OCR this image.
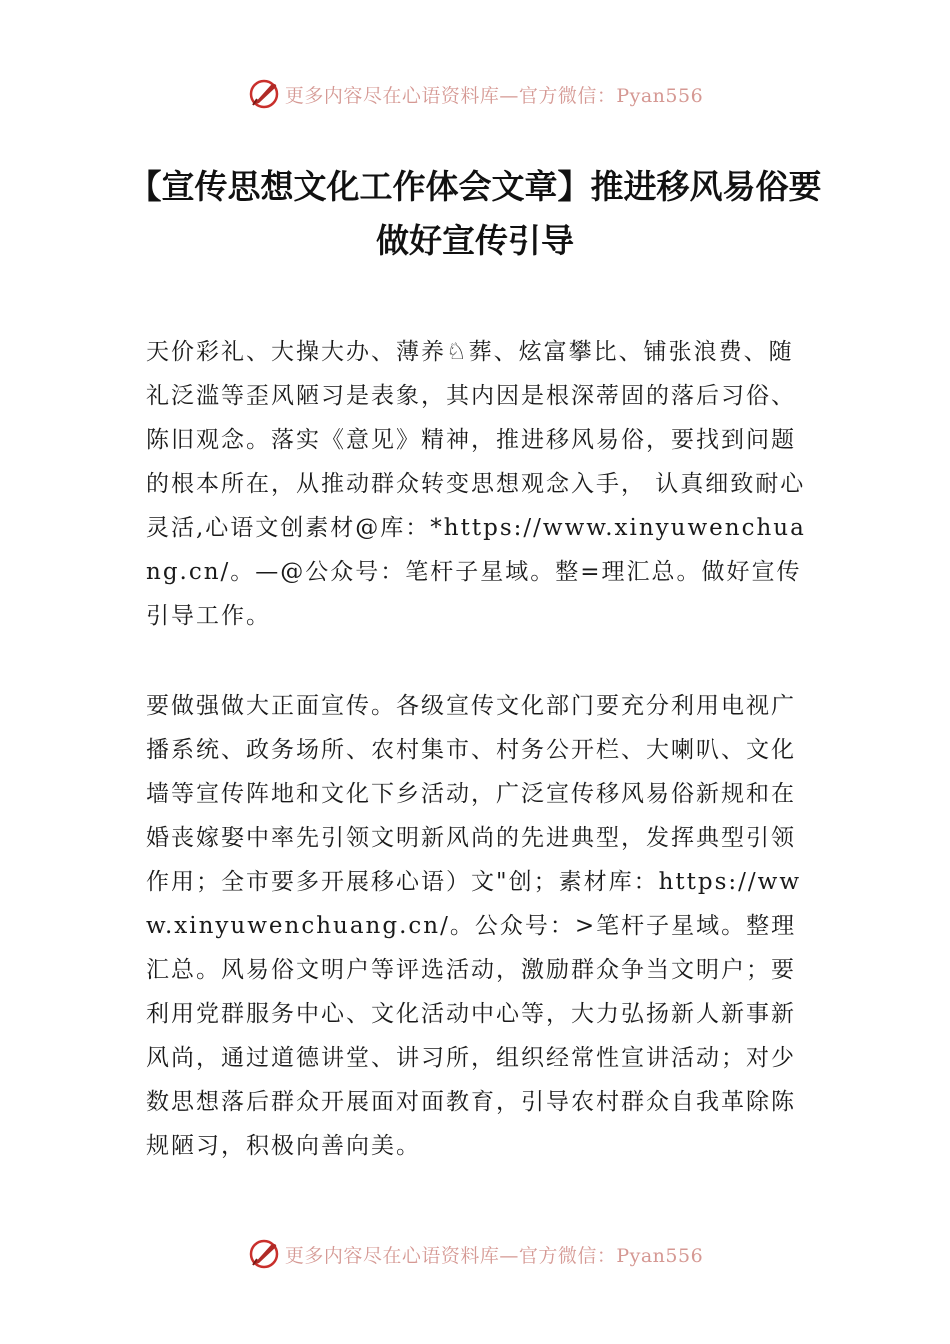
更多内容尽在心语资料库—官方微信：Pyan556
【宣传思想文化工作体会文章】推进移风易俗要做好宣传引导

天价彩礼、大操大办、薄养♘葬、炫富攀比、铺张浪费、随礼泛滥等歪风陋习是表象，其内因是根深蒂固的落后习俗、陈旧观念。落实《意见》精神，推进移风易俗，要找到问题的根本所在，从推动群众转变思想观念入手， 认真细致耐心灵活,心语文创素材@库：*https://www.xinyuwenchuang.cn/。—@公众号：笔杆子星域。整=理汇总。做好宣传引导工作。

要做强做大正面宣传。各级宣传文化部门要充分利用电视广播系统、政务场所、农村集市、村务公开栏、大喇叭、文化墙等宣传阵地和文化下乡活动，广泛宣传移风易俗新规和在婚丧嫁娶中率先引领文明新风尚的先进典型，发挥典型引领作用；全市要多开展移心语）文"创；素材库：https://www.xinyuwenchuang.cn/。公众号：>笔杆子星域。整理汇总。风易俗文明户等评选活动，激励群众争当文明户；要利用党群服务中心、文化活动中心等，大力弘扬新人新事新风尚，通过道德讲堂、讲习所，组织经常性宣讲活动；对少数思想落后群众开展面对面教育，引导农村群众自我革除陈规陋习，积极向善向美。

更多内容尽在心语资料库—官方微信：Pyan556
